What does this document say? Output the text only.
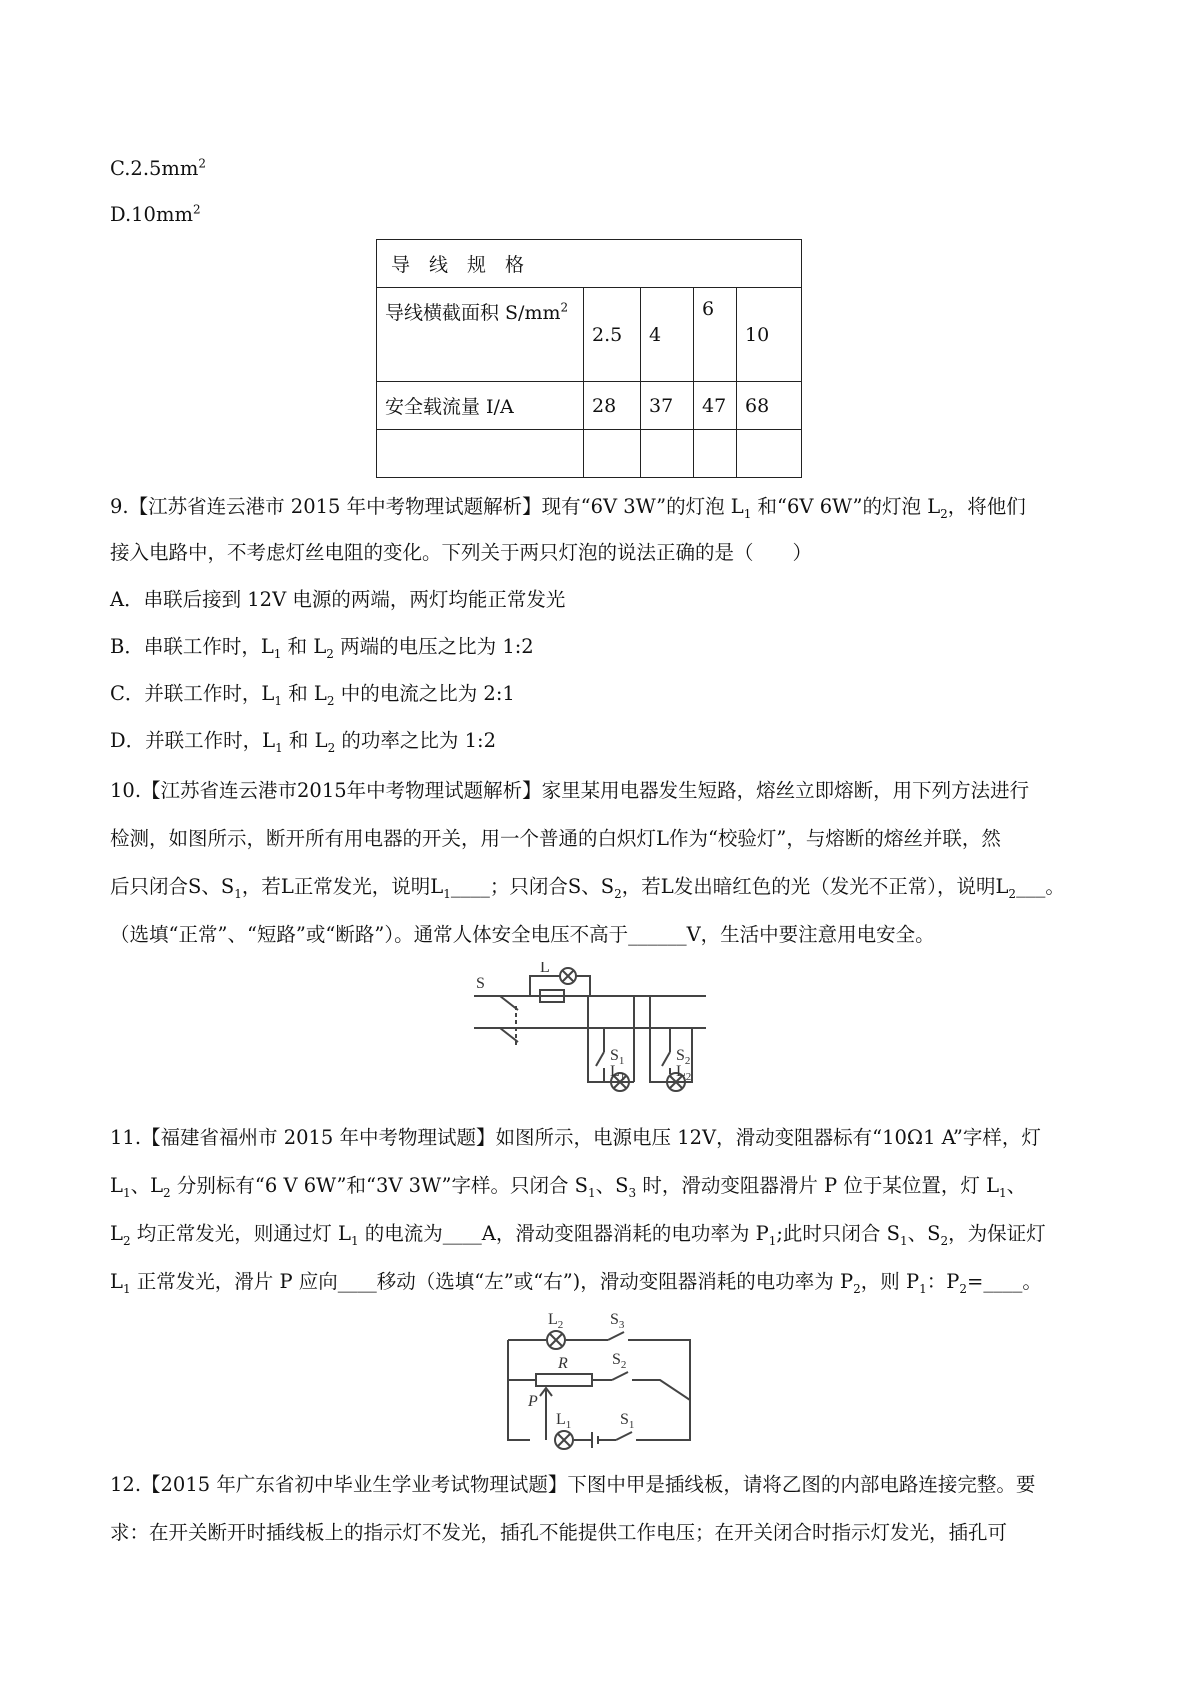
$C.2.5mm^2$
$D.10mm^2$
导　线　规　格				
导线横截面积 $S/mm^2$	2.5	4	6	10
安全载流量 I/A	28	37	47	68

9.【江苏省连云港市 2015 年中考物理试题解析】现有“6V 3W”的灯泡 $L_1$ 和“6V 6W”的灯泡 $L_2$，将他们
接入电路中，不考虑灯丝电阻的变化。下列关于两只灯泡的说法正确的是（　　）
A．串联后接到 12V 电源的两端，两灯均能正常发光
B．串联工作时，$L_1$ 和 $L_2$ 两端的电压之比为 1:2
C．并联工作时，$L_1$ 和 $L_2$ 中的电流之比为 2:1
D．并联工作时，$L_1$ 和 $L_2$ 的功率之比为 1:2
10.【江苏省连云港市2015年中考物理试题解析】家里某用电器发生短路，熔丝立即熔断，用下列方法进行
检测，如图所示，断开所有用电器的开关，用一个普通的白炽灯L作为“校验灯”，与熔断的熔丝并联，然
后只闭合S、$S_1$，若L正常发光，说明$L_1\_\_\_\_$；只闭合S、$S_2$，若L发出暗红色的光（发光不正常），说明$L_2\_\_\_$。
（选填“正常”、“短路”或“断路”）。通常人体安全电压不高于______V，生活中要注意用电安全。
S
L
$S_1$
$L_1$
$S_2$
$L_2$
11.【福建省福州市 2015 年中考物理试题】如图所示，电源电压 12V，滑动变阻器标有“10Ω1 A”字样，灯
$L_1$、$L_2$ 分别标有“6 V 6W”和“3V 3W”字样。只闭合 $S_1$、$S_3$ 时，滑动变阻器滑片 P 位于某位置，灯 $L_1$、
$L_2$ 均正常发光，则通过灯 $L_1$ 的电流为____A，滑动变阻器消耗的电功率为 $P_1$;此时只闭合 $S_1$、$S_2$，为保证灯
$L_1$ 正常发光，滑片 P 应向____移动（选填“左”或“右”)，滑动变阻器消耗的电功率为 $P_2$，则 $P_1$：$P_2=\_\_\_\_$。
$L_2$	$S_3$
R	$S_2$
P
$L_1$	$S_1$
12.【2015 年广东省初中毕业生学业考试物理试题】下图中甲是插线板，请将乙图的内部电路连接完整。要
求：在开关断开时插线板上的指示灯不发光，插孔不能提供工作电压；在开关闭合时指示灯发光，插孔可
